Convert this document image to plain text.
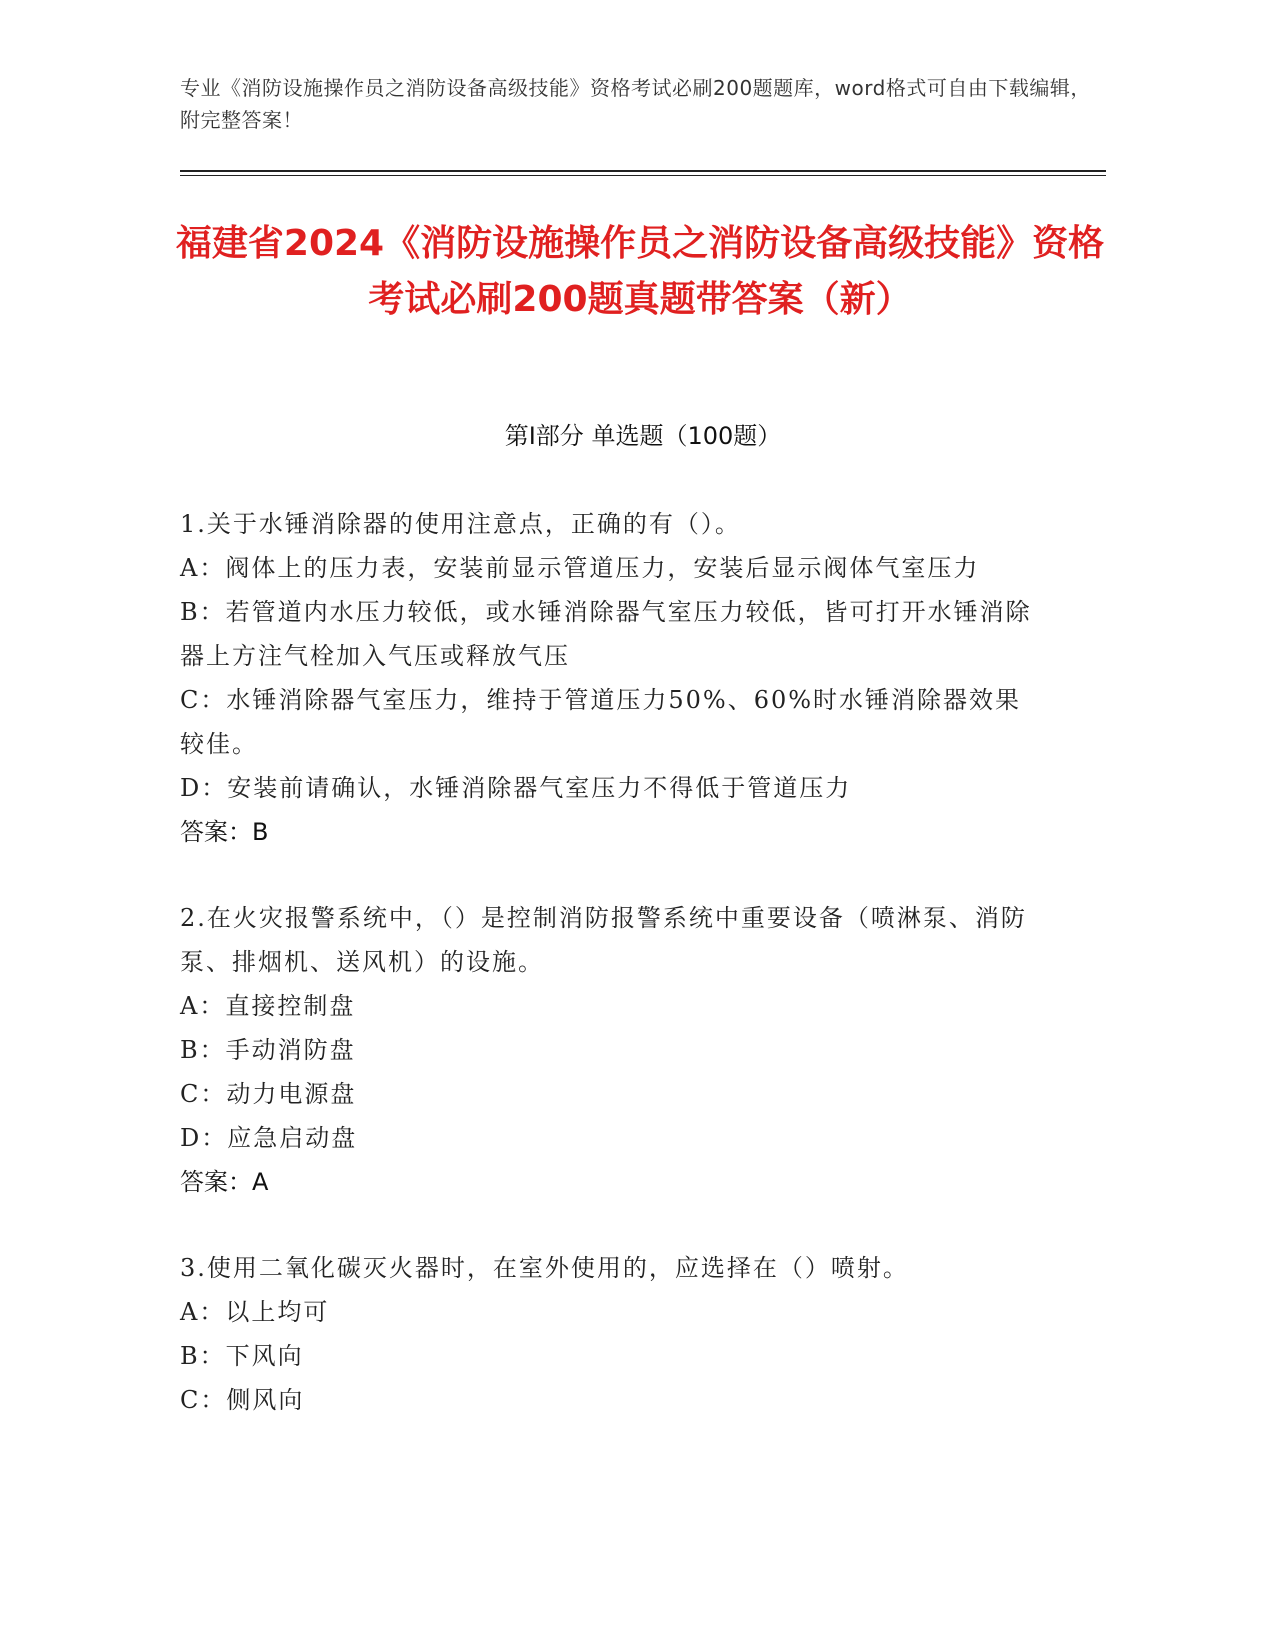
专业《消防设施操作员之消防设备高级技能》资格考试必刷200题题库，word格式可自由下载编辑，附完整答案！
福建省2024《消防设施操作员之消防设备高级技能》资格考试必刷200题真题带答案（新）
第I部分 单选题（100题）
1.关于水锤消除器的使用注意点，正确的有（）。
A：阀体上的压力表，安装前显示管道压力，安装后显示阀体气室压力
B：若管道内水压力较低，或水锤消除器气室压力较低，皆可打开水锤消除器上方注气栓加入气压或释放气压
C：水锤消除器气室压力，维持于管道压力50%、60%时水锤消除器效果较佳。
D：安装前请确认，水锤消除器气室压力不得低于管道压力
答案：B
2.在火灾报警系统中，（）是控制消防报警系统中重要设备（喷淋泵、消防泵、排烟机、送风机）的设施。
A：直接控制盘
B：手动消防盘
C：动力电源盘
D：应急启动盘
答案：A
3.使用二氧化碳灭火器时，在室外使用的，应选择在（）喷射。
A：以上均可
B：下风向
C：侧风向
